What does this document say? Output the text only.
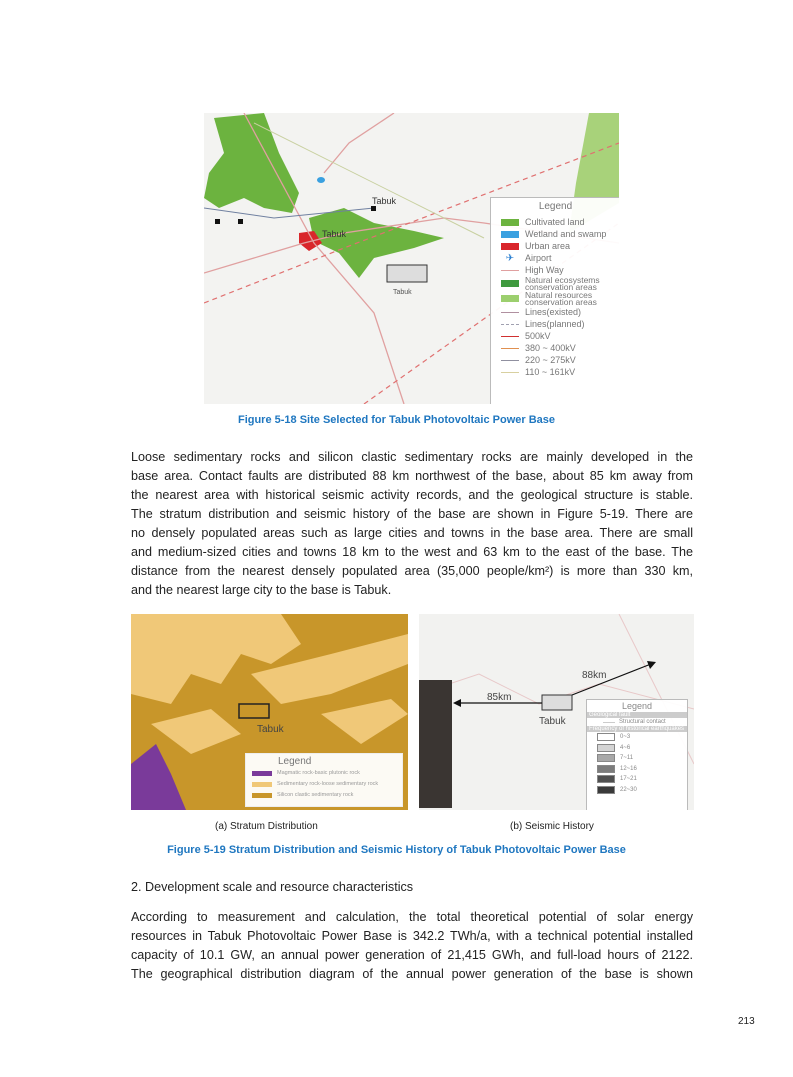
Tabuk
Tabuk
Tabuk
Legend
Cultivated land
Wetland and swamp
Urban area
✈	Airport
High Way
Natural ecosystems conservation areas
Natural resources conservation areas
Lines(existed)
Lines(planned)
500kV
380 ~ 400kV
220 ~ 275kV
110 ~ 161kV
Figure 5-18 Site Selected for Tabuk Photovoltaic Power Base
Loose sedimentary rocks and silicon clastic sedimentary rocks are mainly developed in the
base area. Contact faults are distributed 88 km northwest of the base, about 85 km away from
the nearest area with historical seismic activity records, and the geological structure is stable.
The stratum distribution and seismic history of the base are shown in Figure 5-19. There are
no densely populated areas such as large cities and towns in the base area. There are small
and medium-sized cities and towns 18 km to the west and 63 km to the east of the base. The
distance from the nearest densely populated area (35,000 people/km²) is more than 330 km,
and the nearest large city to the base is Tabuk.
Tabuk
Legend
Magmatic rock-basic plutonic rock
Sedimentary rock-loose sedimentary rock
Silicon clastic sedimentary rock
85km
88km
Tabuk
Legend
Geological fault
Structural contact
Frequency of historical earthquakes
0~3
4~6
7~11
12~16
17~21
22~30
(a) Stratum Distribution	(b) Seismic History
Figure 5-19 Stratum Distribution and Seismic History of Tabuk Photovoltaic Power Base
2. Development scale and resource characteristics
According to measurement and calculation, the total theoretical potential of solar energy
resources in Tabuk Photovoltaic Power Base is 342.2 TWh/a, with a technical potential installed
capacity of 10.1 GW, an annual power generation of 21,415 GWh, and full-load hours of 2122.
The geographical distribution diagram of the annual power generation of the base is shown
213
